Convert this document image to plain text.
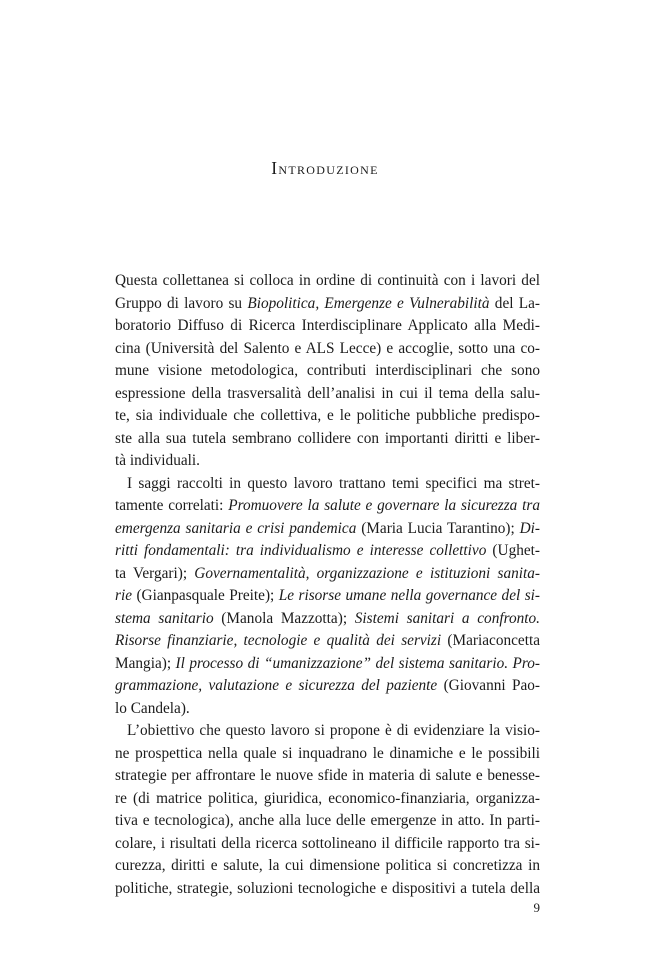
Introduzione
Questa collettanea si colloca in ordine di continuità con i lavori del
Gruppo di lavoro su Biopolitica, Emergenze e Vulnerabilità del La-
boratorio Diffuso di Ricerca Interdisciplinare Applicato alla Medi-
cina (Università del Salento e ALS Lecce) e accoglie, sotto una co-
mune visione metodologica, contributi interdisciplinari che sono
espressione della trasversalità dell’analisi in cui il tema della salu-
te, sia individuale che collettiva, e le politiche pubbliche predispo-
ste alla sua tutela sembrano collidere con importanti diritti e liber-
tà individuali.
I saggi raccolti in questo lavoro trattano temi specifici ma stret-
tamente correlati: Promuovere la salute e governare la sicurezza tra
emergenza sanitaria e crisi pandemica (Maria Lucia Tarantino); Di-
ritti fondamentali: tra individualismo e interesse collettivo (Ughet-
ta Vergari); Governamentalità, organizzazione e istituzioni sanita-
rie (Gianpasquale Preite); Le risorse umane nella governance del si-
stema sanitario (Manola Mazzotta); Sistemi sanitari a confronto.
Risorse finanziarie, tecnologie e qualità dei servizi (Mariaconcetta
Mangia); Il processo di “umanizzazione” del sistema sanitario. Pro-
grammazione, valutazione e sicurezza del paziente (Giovanni Pao-
lo Candela).
L’obiettivo che questo lavoro si propone è di evidenziare la visio-
ne prospettica nella quale si inquadrano le dinamiche e le possibili
strategie per affrontare le nuove sfide in materia di salute e benesse-
re (di matrice politica, giuridica, economico-finanziaria, organizza-
tiva e tecnologica), anche alla luce delle emergenze in atto. In parti-
colare, i risultati della ricerca sottolineano il difficile rapporto tra si-
curezza, diritti e salute, la cui dimensione politica si concretizza in
politiche, strategie, soluzioni tecnologiche e dispositivi a tutela della
9
